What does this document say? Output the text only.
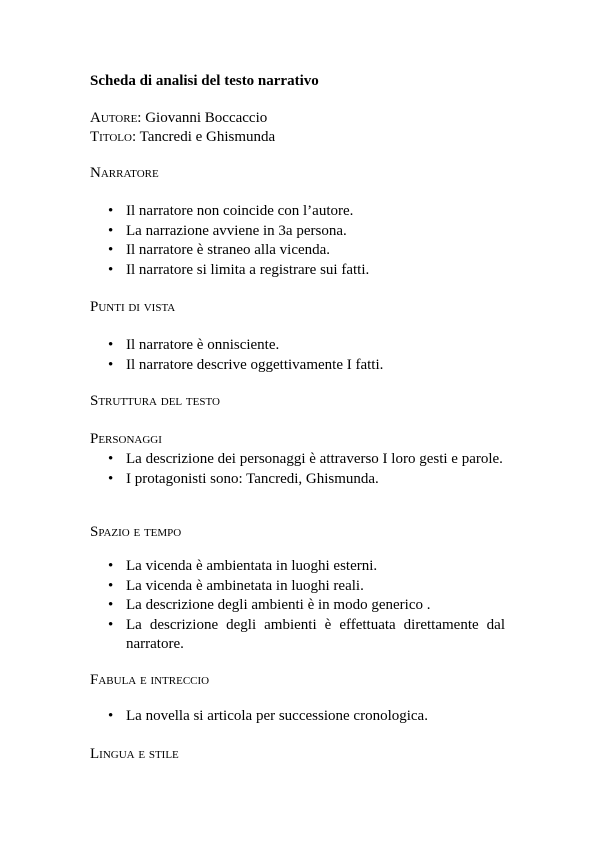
Scheda di analisi del testo narrativo
Autore: Giovanni Boccaccio
Titolo: Tancredi e Ghismunda
Narratore
• Il narratore non coincide con l’autore.
• La narrazione avviene in 3a persona.
• Il narratore è straneo alla vicenda.
• Il narratore si limita a registrare sui fatti.
Punti di vista
• Il narratore è onnisciente.
• Il narratore descrive oggettivamente I fatti.
Struttura del testo
Personaggi
• La descrizione dei personaggi è attraverso I loro gesti e parole.
• I protagonisti sono: Tancredi, Ghismunda.
Spazio e tempo
• La vicenda è ambientata in luoghi esterni.
• La vicenda è ambinetata in luoghi reali.
• La descrizione degli ambienti è in modo generico .
• La descrizione degli ambienti è effettuata direttamente dal narratore.
Fabula e intreccio
• La novella si articola per successione cronologica.
Lingua e stile
